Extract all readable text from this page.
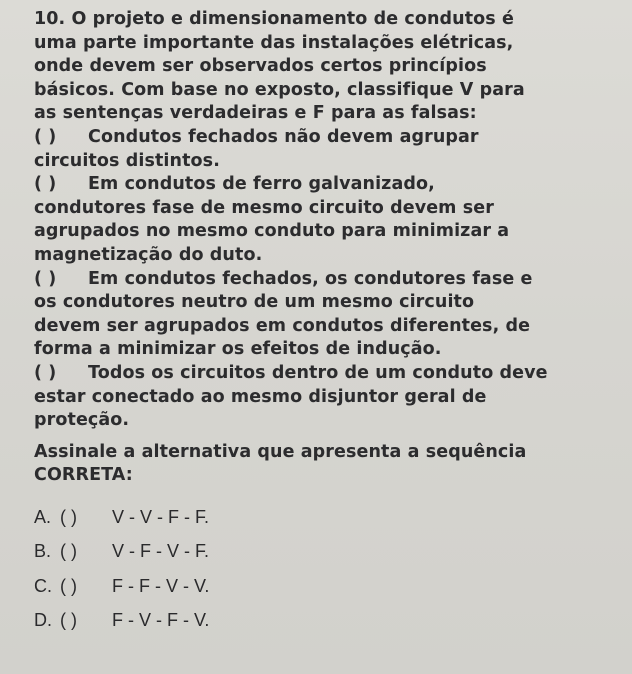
10. O projeto e dimensionamento de condutos é
uma parte importante das instalações elétricas,
onde devem ser observados certos princípios
básicos. Com base no exposto, classifique V para
as sentenças verdadeiras e F para as falsas:
( ) Condutos fechados não devem agrupar
circuitos distintos.
( ) Em condutos de ferro galvanizado,
condutores fase de mesmo circuito devem ser
agrupados no mesmo conduto para minimizar a
magnetização do duto.
( ) Em condutos fechados, os condutores fase e
os condutores neutro de um mesmo circuito
devem ser agrupados em condutos diferentes, de
forma a minimizar os efeitos de indução.
( ) Todos os circuitos dentro de um conduto deve
estar conectado ao mesmo disjuntor geral de
proteção.
Assinale a alternativa que apresenta a sequência
CORRETA:
A. ( ) V - V - F - F.
B. ( ) V - F - V - F.
C. ( ) F - F - V - V.
D. ( ) F - V - F - V.
